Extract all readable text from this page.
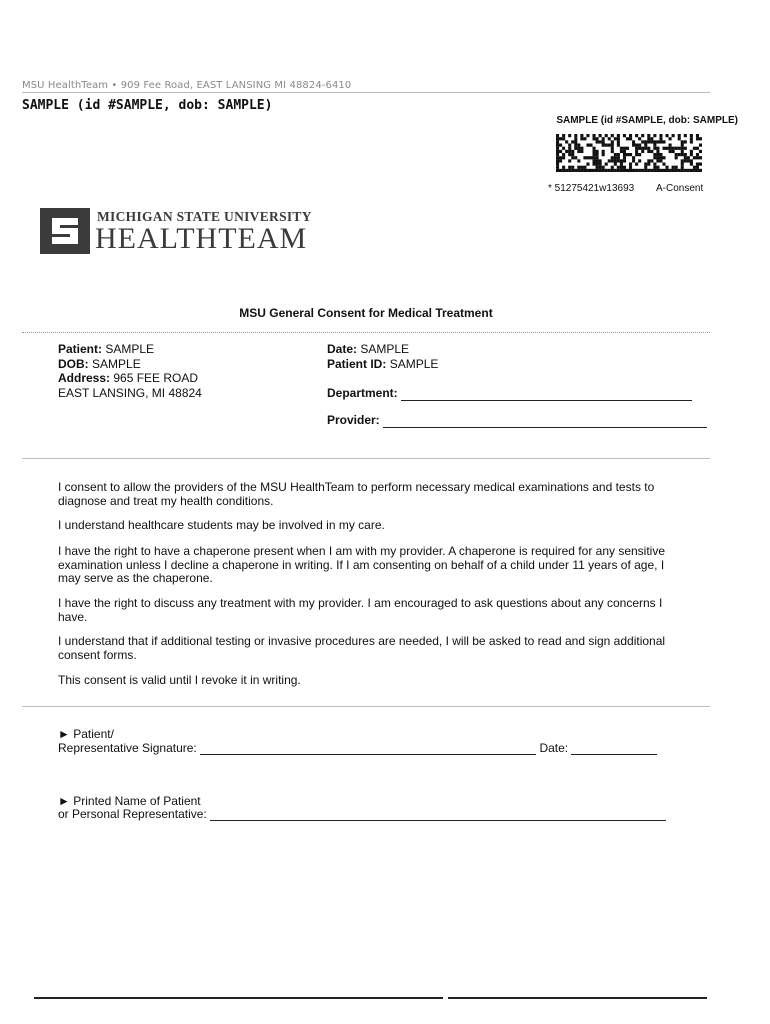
MSU HealthTeam • 909 Fee Road, EAST LANSING MI 48824-6410
SAMPLE (id #SAMPLE, dob: SAMPLE)
SAMPLE (id #SAMPLE, dob: SAMPLE)
* 51275421w13693 A-Consent
MICHIGAN STATE UNIVERSITY
HEALTHTEAM
MSU General Consent for Medical Treatment
Patient: SAMPLE
DOB: SAMPLE
Address: 965 FEE ROAD
EAST LANSING, MI 48824
Date: SAMPLE
Patient ID: SAMPLE
Department:
Provider:
I consent to allow the providers of the MSU HealthTeam to perform necessary medical examinations and tests to diagnose and treat my health conditions.
I understand healthcare students may be involved in my care.
I have the right to have a chaperone present when I am with my provider. A chaperone is required for any sensitive examination unless I decline a chaperone in writing. If I am consenting on behalf of a child under 11 years of age, I may serve as the chaperone.
I have the right to discuss any treatment with my provider. I am encouraged to ask questions about any concerns I have.
I understand that if additional testing or invasive procedures are needed, I will be asked to read and sign additional consent forms.
This consent is valid until I revoke it in writing.
► Patient/
Representative Signature:	Date:
► Printed Name of Patient
or Personal Representative:
